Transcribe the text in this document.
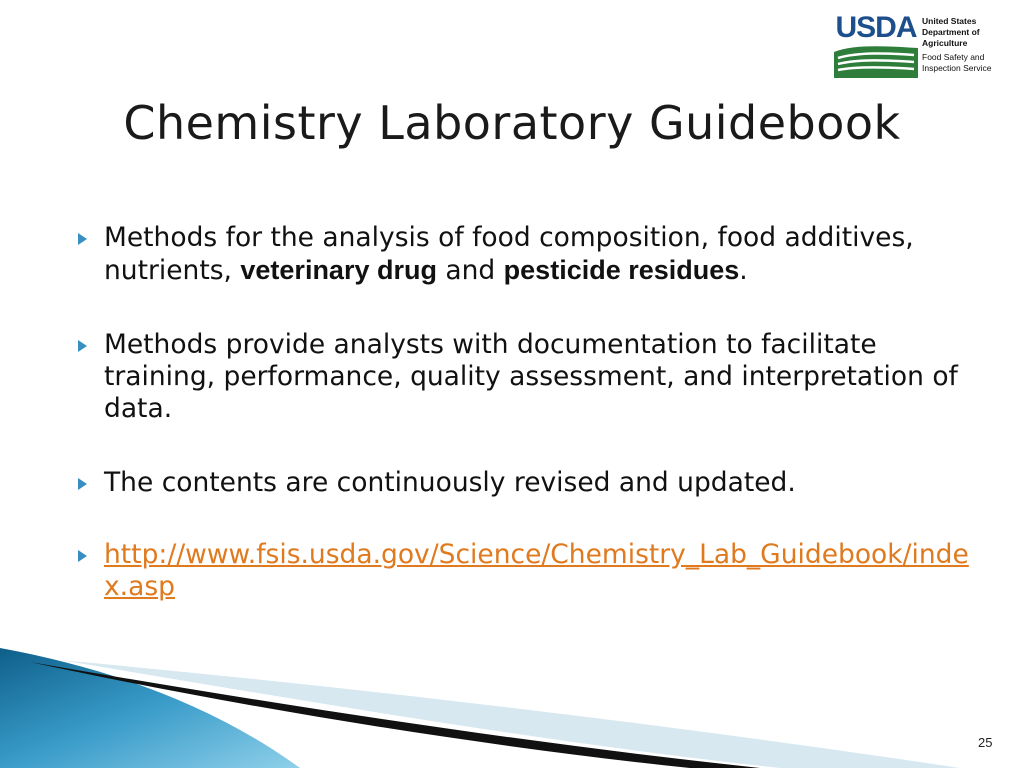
USDA United States
Department of
Agriculture
Food Safety and
Inspection Service
Chemistry Laboratory Guidebook
Methods for the analysis of food composition, food additives, nutrients, veterinary drug and pesticide residues.
Methods provide analysts with documentation to facilitate training, performance, quality assessment, and interpretation of data.
The contents are continuously revised and updated.
http://www.fsis.usda.gov/Science/Chemistry_Lab_Guidebook/index.asp
25
